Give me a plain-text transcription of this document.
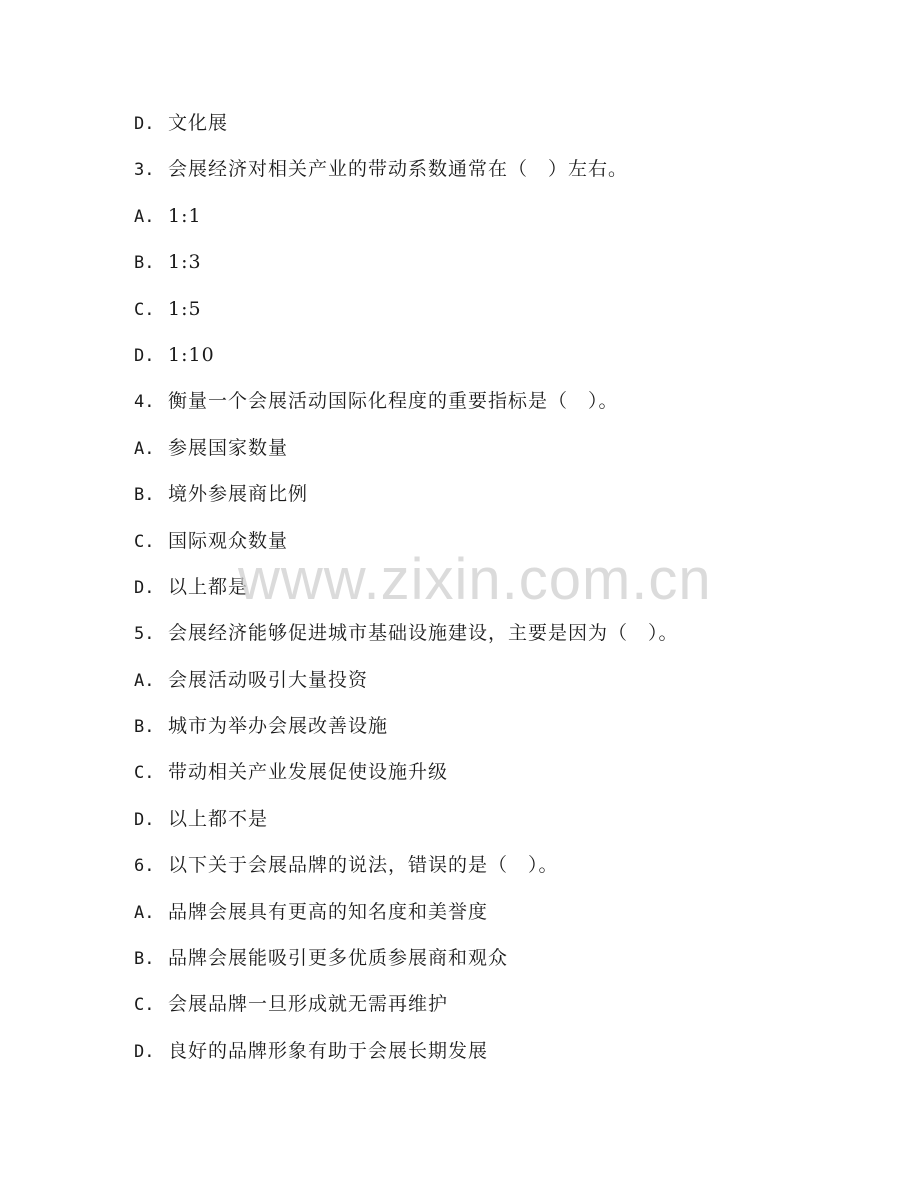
D. 文化展
3. 会展经济对相关产业的带动系数通常在（　）左右。
A. 1:1
B. 1:3
C. 1:5
D. 1:10
4. 衡量一个会展活动国际化程度的重要指标是（　）。
A. 参展国家数量
B. 境外参展商比例
C. 国际观众数量
D. 以上都是
5. 会展经济能够促进城市基础设施建设，主要是因为（　）。
A. 会展活动吸引大量投资
B. 城市为举办会展改善设施
C. 带动相关产业发展促使设施升级
D. 以上都不是
6. 以下关于会展品牌的说法，错误的是（　）。
A. 品牌会展具有更高的知名度和美誉度
B. 品牌会展能吸引更多优质参展商和观众
C. 会展品牌一旦形成就无需再维护
D. 良好的品牌形象有助于会展长期发展
www.zixin.com.cn
